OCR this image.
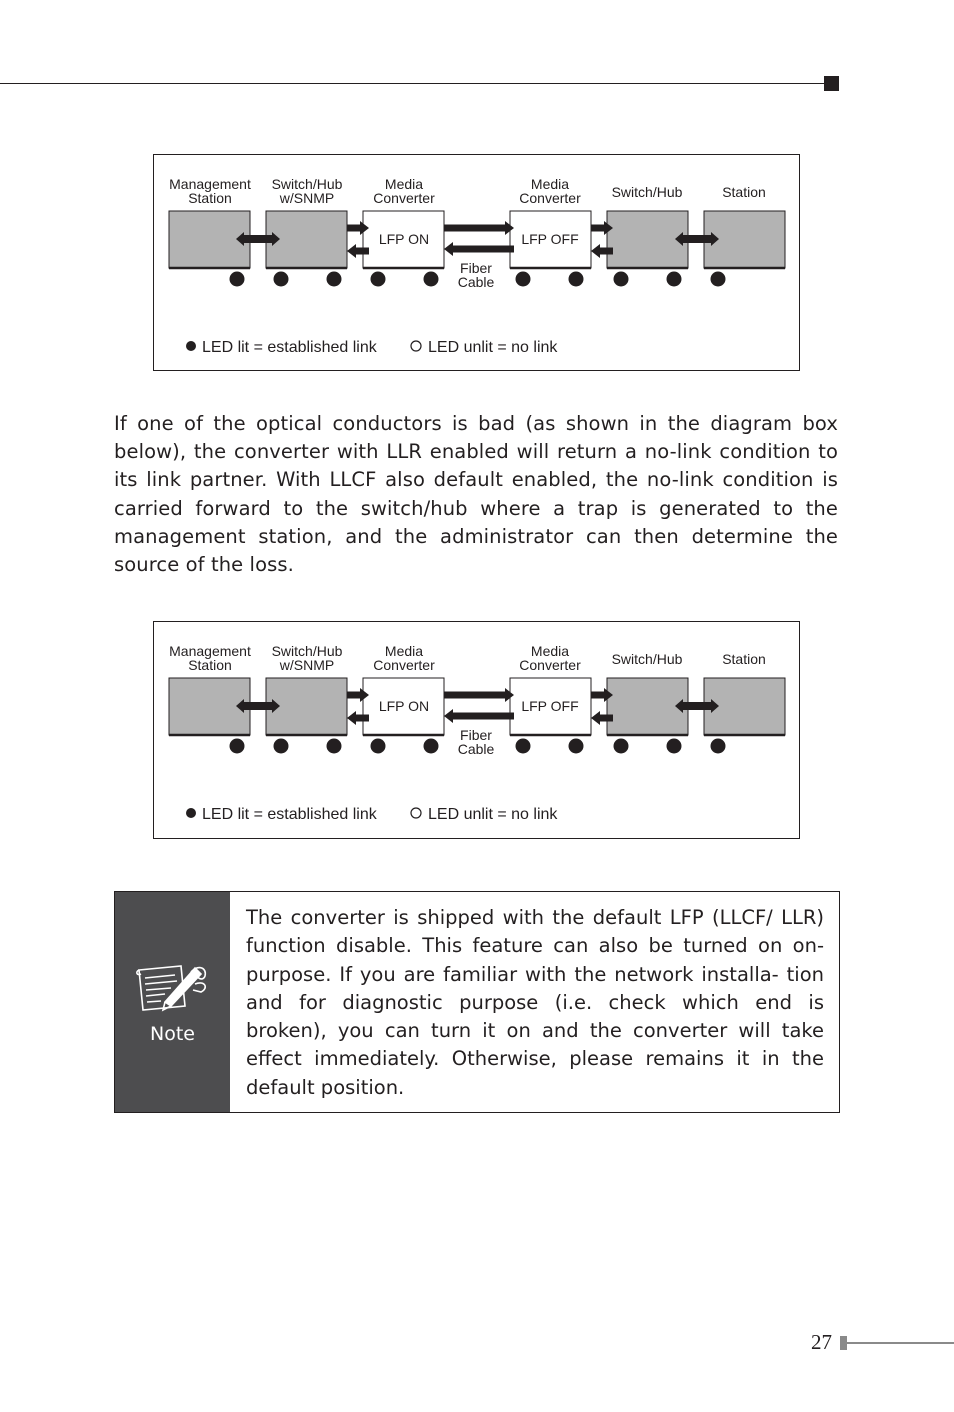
Management
Station
Switch/Hub
w/SNMP
Media
Converter
Media
Converter Switch/Hub	Station
LFP ON	LFP OFF
Fiber
Cable
LED lit = established link	LED unlit = no link

If one of the optical conductors is bad (as shown in the diagram box below), the converter with LLR enabled will return a no-link condition to its link partner. With LLCF also default enabled, the no-link condition is carried forward to the switch/hub where a trap is generated to the management station, and the administrator can then determine the source of the loss.

Management
Station
Switch/Hub
w/SNMP
Media
Converter
Media
Converter Switch/Hub	Station
LFP ON	LFP OFF
Fiber
Cable
LED lit = established link	LED unlit = no link
Note

The converter is shipped with the default LFP (LLCF/ LLR) function disable. This feature can also be turned on on-purpose. If you are familiar with the network installa- tion and for diagnostic purpose (i.e. check which end is broken), you can turn it on and the converter will take effect immediately. Otherwise, please remains it in the default position.

27
